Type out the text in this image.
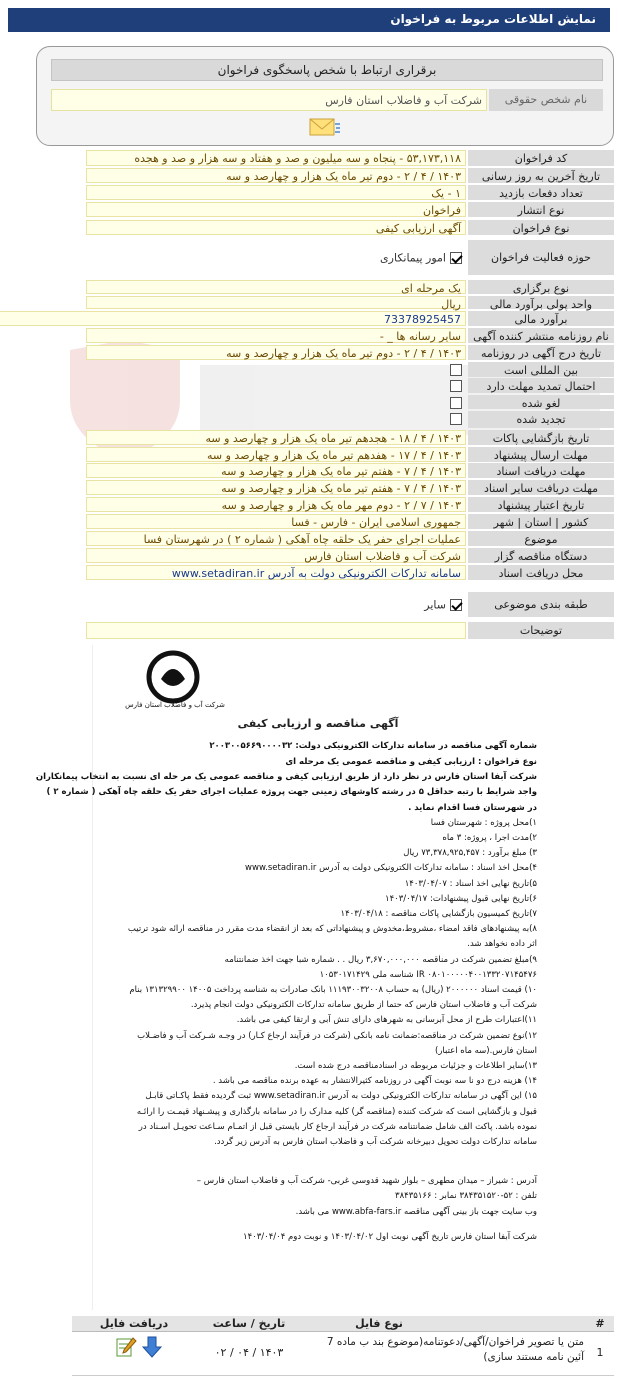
نمایش اطلاعات مربوط به فراخوان
برقراری ارتباط با شخص پاسخگوی فراخوان
نام شخص حقوقی
شرکت آب و فاضلاب استان فارس
کد فراخوان
۵۳,۱۷۳,۱۱۸ - پنجاه و سه میلیون و صد و هفتاد و سه هزار و صد و هجده
تاریخ آخرین به روز رسانی
۱۴۰۳ / ۴ / ۲ - دوم تیر ماه یک هزار و چهارصد و سه
تعداد دفعات بازدید
۱ - یک
نوع انتشار
فراخوان
نوع فراخوان
آگهی ارزیابی کیفی
حوزه فعالیت فراخوان
امور پیمانکاری
نوع برگزاری
یک مرحله ای
واحد پولی برآورد مالی
ریال
برآورد مالی
73378925457
نام روزنامه منتشر کننده آگهی
سایر رسانه ها _ -
تاریخ درج آگهی در روزنامه
۱۴۰۳ / ۴ / ۲ - دوم تیر ماه یک هزار و چهارصد و سه
بین المللی است
احتمال تمدید مهلت دارد
لغو شده
تجدید شده
تاریخ بازگشایی پاکات
۱۴۰۳ / ۴ / ۱۸ - هجدهم تیر ماه یک هزار و چهارصد و سه
مهلت ارسال پیشنهاد
۱۴۰۳ / ۴ / ۱۷ - هفدهم تیر ماه یک هزار و چهارصد و سه
مهلت دریافت اسناد
۱۴۰۳ / ۴ / ۷ - هفتم تیر ماه یک هزار و چهارصد و سه
مهلت دریافت سایر اسناد
۱۴۰۳ / ۴ / ۷ - هفتم تیر ماه یک هزار و چهارصد و سه
تاریخ اعتبار پیشنهاد
۱۴۰۳ / ۷ / ۲ - دوم مهر ماه یک هزار و چهارصد و سه
کشور | استان | شهر
جمهوری اسلامی ایران - فارس - فسا
موضوع
عملیات اجرای حفر یک حلقه چاه آهکی ( شماره ۲ ) در شهرستان فسا
دستگاه مناقصه گزار
شرکت آب و فاضلاب استان فارس
محل دریافت اسناد
سامانه تدارکات الکترونیکی دولت به آدرس www.setadiran.ir
طبقه بندی موضوعی
سایر
توضیحات
شرکت آب و فاضلاب استان فارس
آگهی مناقصه و ارزیابی کیفی
شماره آگهی مناقصه در سامانه تدارکات الکترونیکی دولت: ۲۰۰۳۰۰۵۶۶۹۰۰۰۰۳۲
نوع فراخوان : ارزیابی کیفی و مناقصه عمومی یک مرحله ای
شرکت آبفا استان فارس در نظر دارد از طریق ارزیابی کیفی و مناقصه عمومی یک مر حله ای نسبت به انتخاب پیمانکاران
واجد شرایط با رتبه حداقل ۵ در رشته کاوشهای زمینی جهت پروژه عملیات اجرای حفر یک حلقه چاه آهکی ( شماره ۲ )
در شهرستان فسا اقدام نماید .
۱)محل پروژه : شهرستان فسا
۲)مدت اجرا ، پروژه: ۳ ماه
۳) مبلغ برآورد : ۷۳,۳۷۸,۹۲۵,۴۵۷ ریال
۴)محل اخذ اسناد : سامانه تدارکات الکترونیکی دولت به آدرس www.setadiran.ir
۵)تاریخ نهایی اخذ اسناد : ۱۴۰۳/۰۴/۰۷
۶)تاریخ نهایی قبول پیشنهادات: ۱۴۰۳/۰۴/۱۷
۷)تاریخ کمیسیون بازگشایی پاکات مناقصه : ۱۴۰۳/۰۴/۱۸
۸)به پیشنهادهای فاقد امضاء ،مشروط،مخدوش و پیشنهاداتی که بعد از انقضاء مدت مقرر در مناقصه ارائه شود ترتیب
اثر داده نخواهد شد.
۹)مبلغ تضمین شرکت در مناقصه ۳,۶۷۰,۰۰۰,۰۰۰ ریال . . شماره شبا جهت اخذ ضمانتنامه
IR ۰۸۰۱۰۰۰۰۰۴۰۰۱۳۳۲۰۷۱۴۵۴۷۶ شناسه ملی ۱۰۵۳۰۱۷۱۴۲۹
۱۰) قیمت اسناد ۲۰۰۰۰۰۰ (ریال) به حساب ۱۱۱۹۳۰۰۳۲۰۰۸ بانک صادرات به شناسه پرداخت ۱۴۰۰۵ ۱۳۱۳۲۹۹۰۰ بنام
شرکت آب و فاضلاب استان فارس که حتما از طریق سامانه تدارکات الکترونیکی دولت انجام پذیرد.
۱۱)اعتبارات طرح از محل آبرسانی به شهرهای دارای تنش آبی و ارتقا کیفی می باشد.
۱۲)نوع تضمین شرکت در مناقصه:ضمانت نامه بانکی (شرکت در فرآیند ارجاع کـار) در وجـه شـرکت آب و فاضـلاب
استان فارس.(سه ماه اعتبار)
۱۳)سایر اطلاعات و جزئیات مربوطه در اسنادمناقصه درج شده است.
۱۴) هزینه درج دو نا سه نوبت آگهی در روزنامه کثیرالانتشار به عهده برنده مناقصه می باشد .
۱۵) این آگهی در سامانه تدارکات الکترونیکی دولت به آدرس www.setadiran.ir ثبت گردیده فقط پاکـاتی قابـل
قبول و بازگشایی است که شرکت کننده (مناقصه گر) کلیه مدارک را در سامانه بارگذاری و پیشـنهاد قیمـت را ارائـه
نموده باشد. پاکت الف شامل ضمانتنامه شرکت در فرآیند ارجاع کار بایستی قبل از اتمـام سـاعت تحویـل اسـناد در
سامانه تدارکات دولت تحویل دبیرخانه شرکت آب و فاضلاب استان فارس به آدرس زیر گردد.
آدرس : شیراز – میدان مطهری – بلوار شهید قدوسی غربی- شرکت آب و فاضلاب استان فارس –
تلفن : ۵۲-۳۸۴۳۵۱۵۲۰ نمابر : ۳۸۴۳۵۱۶۶
وب سایت جهت باز بینی آگهی مناقصه www.abfa-fars.ir می باشد.
شرکت آبفا استان فارس تاریخ آگهی نوبت اول ۱۴۰۳/۰۴/۰۲ و نوبت دوم ۱۴۰۳/۰۴/۰۴
#
نوع فایل
تاریخ / ساعت
دریافت فایل
1
متن یا تصویر فراخوان/آگهی/دعوتنامه(موضوع بند ب ماده 7 آئین نامه مستند سازی)
۱۴۰۳ / ۰۴ / ۰۲
